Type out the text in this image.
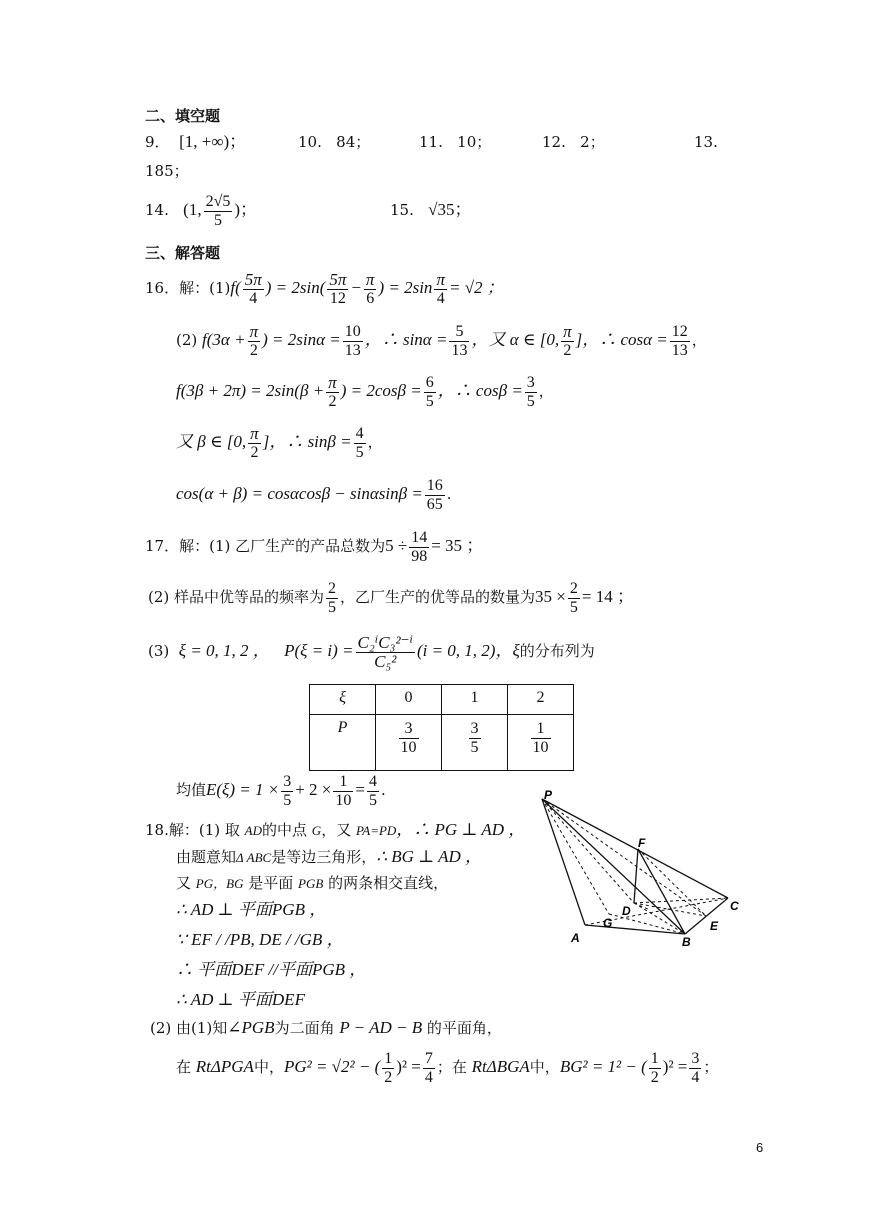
二、填空题
9． [1, +∞)；	10. 84；	11. 10；	12. 2；	13.
185；
14. (1, $\frac{2√5}{5}$ )；	15. √35；
三、解答题
16．解：$(1)f( \frac{5\pi}{4}$ ) = $2\sin( \frac{5\pi}{12} - \frac{\pi}{6}$ ) = $2\sin \frac{\pi}{4} = √2$ ；
(2) $f(3\alpha + \frac{\pi}{2}$ ) = $2\sin\alpha = \frac{10}{13}$ ，∴ $\sin\alpha = \frac{5}{13}$ ，又 α ∈ [0, $\frac{\pi}{2}$ ]，∴ $\cos\alpha = \frac{12}{13}$ ，
$f(3\beta + 2\pi) = 2\sin(\beta + \frac{\pi}{2}$ ) = $2\cos\beta = \frac{6}{5}$ ，∴ $\cos\beta = \frac{3}{5}$ ，
又 β ∈ [0, $\frac{\pi}{2}$ ]，∴ $\sin\beta = \frac{4}{5}$ ，
$\cos(\alpha + \beta) = \cos\alpha\cos\beta - \sin\alpha\sin\beta = \frac{16}{65}$ .
17．解：(1) 乙厂生产的产品总数为$5 \div \frac{14}{98} = 35$ ；
(2) 样品中优等品的频率为 $\frac{2}{5}$ ，乙厂生产的优等品的数量为$35 \times \frac{2}{5} = 14$ ；
(3) ξ = 0, 1, 2 ， $P(\xi = i) = \frac{\text{C₂ⁱC₃²⁻ⁱ}}{\text{C₅²}} (i = 0$, 1, 2)，ξ的分布列为
ξ	0	1	2
P	$\frac{3}{10}$	$\frac{3}{5}$	$\frac{1}{10}$
均值$E(\xi) = 1 \times \frac{3}{5} + 2 \times \frac{1}{10} = \frac{4}{5}$ .
18.解：(1) 取 AD的中点 G，又 PA=PD，∴ PG ⊥ AD ，
由题意知Δ ABC是等边三角形，∴ BG ⊥ AD ，
又 PG，BG 是平面 PGB 的两条相交直线，
∴ AD ⊥ 平面PGB ，
∵ EF / /PB, DE / /GB ，
∴ 平面DEF //平面PGB ，
∴ AD ⊥ 平面DEF
(2) 由(1)知∠PGB为二面角 P − AD − B 的平面角，
在 RtΔPGA中，PG² = √2² − ( $\frac{1}{2} )^2 = \frac{7}{4}$ ；在 RtΔBGA中，BG² = 1² − ( $\frac{1}{2} )^2 = \frac{3}{4}$ ；
P
F
D	C
G	E
A	B
6
